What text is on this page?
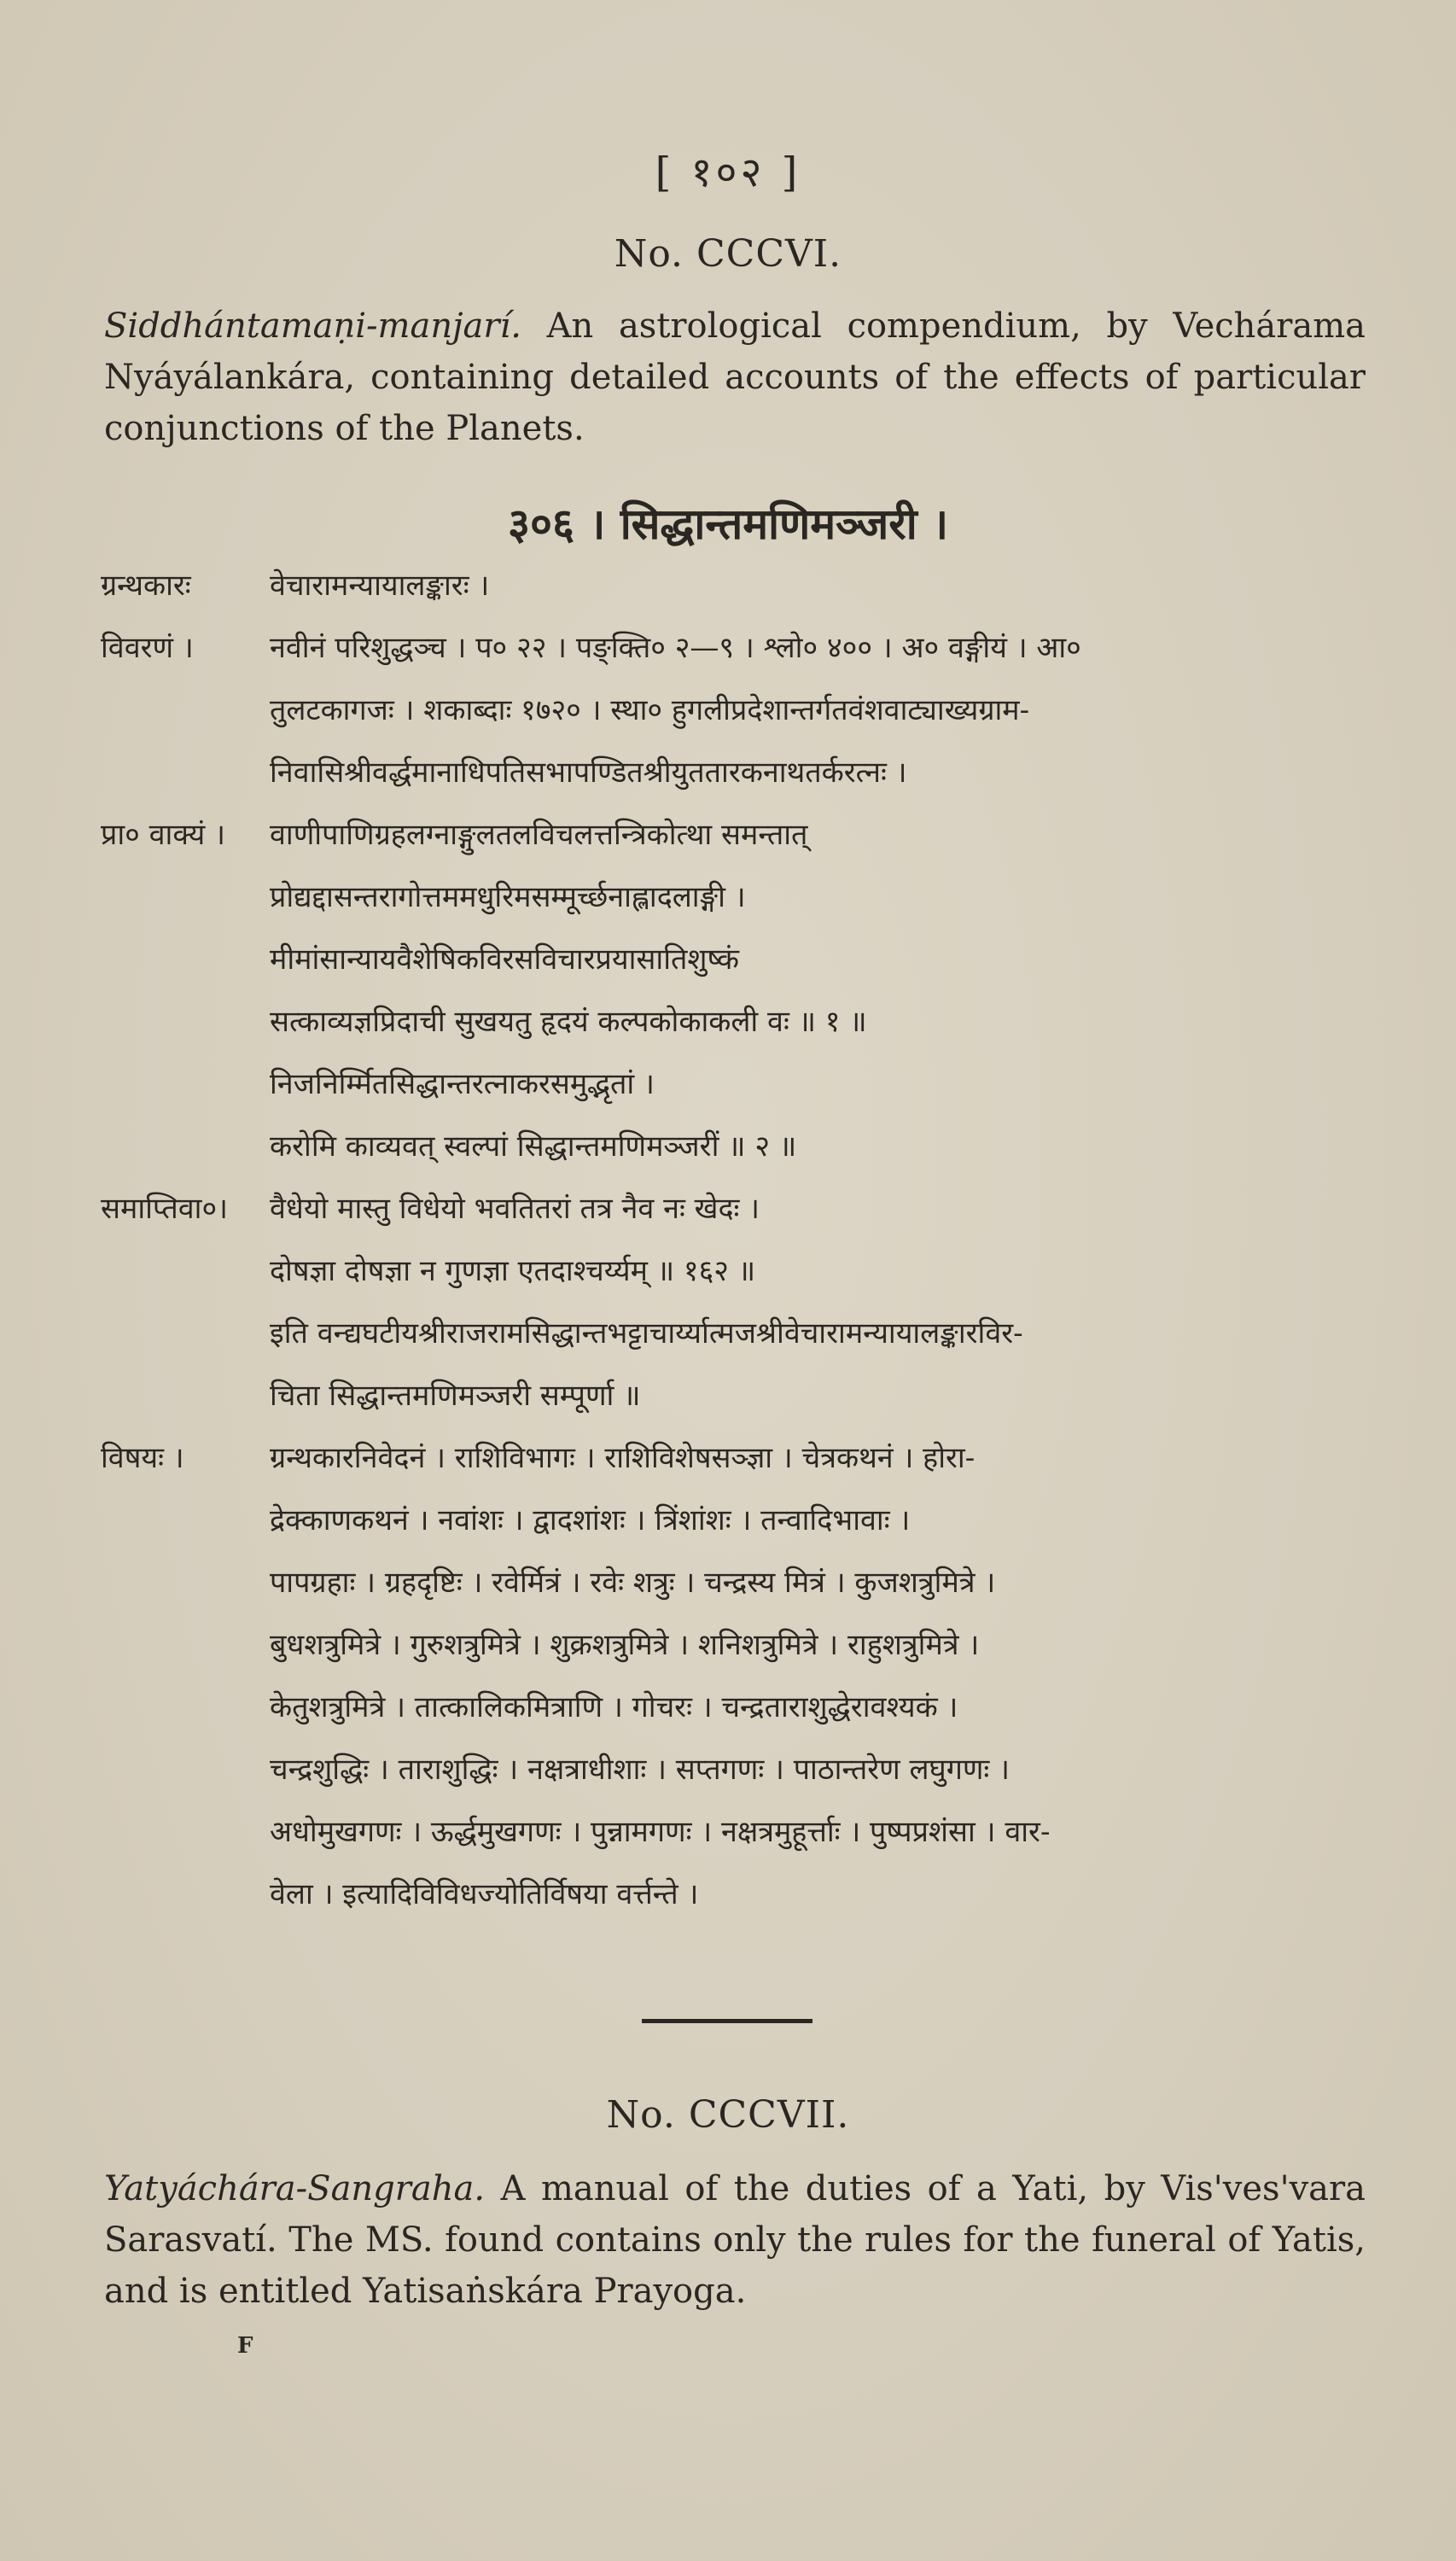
[ १०२ ]
No. CCCVI.
Siddhántamaṇi-manjarí. An astrological compendium, by Vechárama Nyáyálankára, containing detailed accounts of the effects of particular conjunctions of the Planets.
३०६ । सिद्धान्तमणिमञ्जरी ।
ग्रन्थकारः	वेचारामन्यायालङ्कारः ।
विवरणं ।	नवीनं परिशुद्धञ्च । प० २२ । पङ्क्ति० २—९ । श्लो० ४०० । अ० वङ्गीयं । आ०
तुलटकागजः । शकाब्दाः १७२० । स्था० हुगलीप्रदेशान्तर्गतवंशवाट्याख्यग्राम-
निवासिश्रीवर्द्धमानाधिपतिसभापण्डितश्रीयुततारकनाथतर्करत्नः ।
प्रा० वाक्यं । वाणीपाणिग्रहलग्नाङ्गुलतलविचलत्तन्त्रिकोत्था समन्तात्
प्रोद्यद्दासन्तरागोत्तममधुरिमसम्मूर्च्छनाह्लादलाङ्गी ।
मीमांसान्यायवैशेषिकविरसविचारप्रयासातिशुष्कं
सत्काव्यज्ञप्रिदाची सुखयतु हृदयं कल्पकोकाकली वः ॥ १ ॥
निजनिर्म्मितसिद्धान्तरत्नाकरसमुद्भृतां ।
करोमि काव्यवत् स्वल्पां सिद्धान्तमणिमञ्जरीं ॥ २ ॥
समाप्तिवा०। वैधेयो मास्तु विधेयो भवतितरां तत्र नैव नः खेदः ।
दोषज्ञा दोषज्ञा न गुणज्ञा एतदाश्चर्य्यम् ॥ १६२ ॥
इति वन्द्यघटीयश्रीराजरामसिद्धान्तभट्टाचार्य्यात्मजश्रीवेचारामन्यायालङ्कारविर-
चिता सिद्धान्तमणिमञ्जरी सम्पूर्णा ॥
विषयः ।	ग्रन्थकारनिवेदनं । राशिविभागः । राशिविशेषसञ्ज्ञा । चेत्रकथनं । होरा-
द्रेक्काणकथनं । नवांशः । द्वादशांशः । त्रिंशांशः । तन्वादिभावाः ।
पापग्रहाः । ग्रहदृष्टिः । रवेर्मित्रं । रवेः शत्रुः । चन्द्रस्य मित्रं । कुजशत्रुमित्रे ।
बुधशत्रुमित्रे । गुरुशत्रुमित्रे । शुक्रशत्रुमित्रे । शनिशत्रुमित्रे । राहुशत्रुमित्रे ।
केतुशत्रुमित्रे । तात्कालिकमित्राणि । गोचरः । चन्द्रताराशुद्धेरावश्यकं ।
चन्द्रशुद्धिः । ताराशुद्धिः । नक्षत्राधीशाः । सप्तगणः । पाठान्तरेण लघुगणः ।
अधोमुखगणः । ऊर्द्धमुखगणः । पुन्नामगणः । नक्षत्रमुहूर्त्ताः । पुष्पप्रशंसा । वार-
वेला । इत्यादिविविधज्योतिर्विषया वर्त्तन्ते ।
No. CCCVII.
Yatyáchára-Sangraha. A manual of the duties of a Yati, by Vis'ves'vara Sarasvatí. The MS. found contains only the rules for the funeral of Yatis, and is entitled Yatisaṅskára Prayoga.
F
